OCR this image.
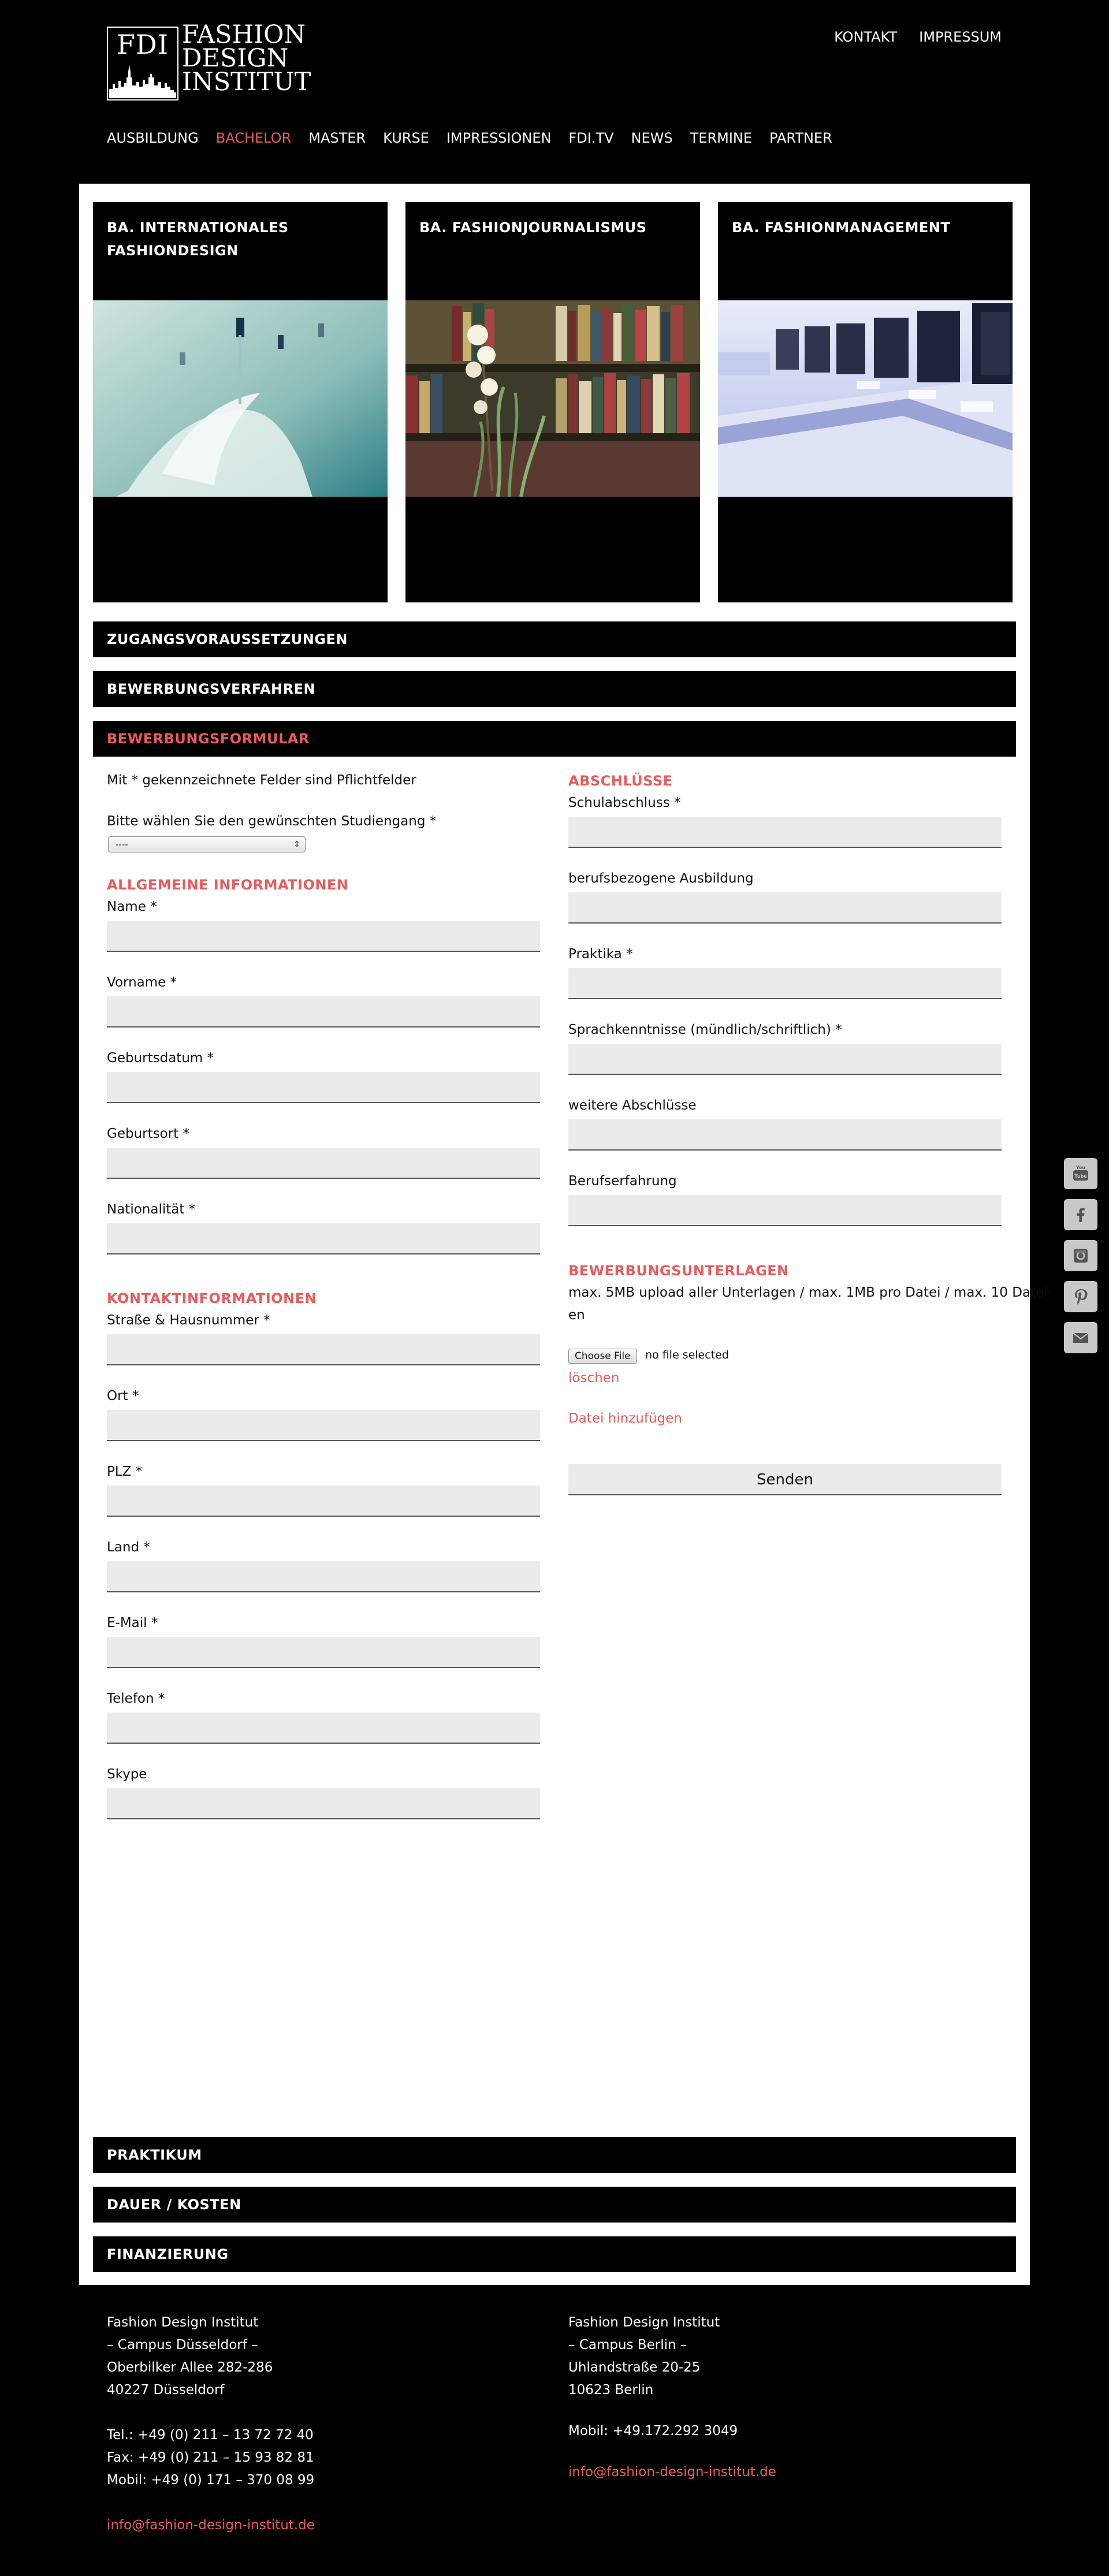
FDI FASHION
DESIGN
INSTITUT
KONTAKT IMPRESSUM
AUSBILDUNG BACHELOR MASTER KURSE IMPRESSIONEN FDI.TV NEWS TERMINE PARTNER
BA. INTERNATIONALES FASHIONDESIGN
BA. FASHIONJOURNALISMUS	BA. FASHIONMANAGEMENT
ZUGANGSVORAUSSETZUNGEN
BEWERBUNGSVERFAHREN
BEWERBUNGSFORMULAR
Mit * gekennzeichnete Felder sind Pflichtfelder
Bitte wählen Sie den gewünschten Studiengang *
----	⇕
ALLGEMEINE INFORMATIONEN
Name *
Vorname *
Geburtsdatum *
Geburtsort *
Nationalität *
KONTAKTINFORMATIONEN
Straße & Hausnummer *
Ort *
PLZ *
Land *
E-Mail *
Telefon *
Skype
ABSCHLÜSSE
Schulabschluss *
berufsbezogene Ausbildung
Praktika *
Sprachkenntnisse (mündlich/schriftlich) *
weitere Abschlüsse
Berufserfahrung
BEWERBUNGSUNTERLAGEN
max. 5MB upload aller Unterlagen / max. 1MB pro Datei / max. 10 Datei-
en
Choose File	no file selected
löschen
Datei hinzufügen
Senden
PRAKTIKUM
DAUER / KOSTEN
FINANZIERUNG
Tube
You
Fashion Design Institut
– Campus Düsseldorf –
Oberbilker Allee 282-286
40227 Düsseldorf
Tel.: +49 (0) 211 – 13 72 72 40
Fax: +49 (0) 211 – 15 93 82 81
Mobil: +49 (0) 171 – 370 08 99
info@fashion-design-institut.de
Fashion Design Institut
– Campus Berlin –
Uhlandstraße 20-25
10623 Berlin
Mobil: +49.172.292 3049
info@fashion-design-institut.de
